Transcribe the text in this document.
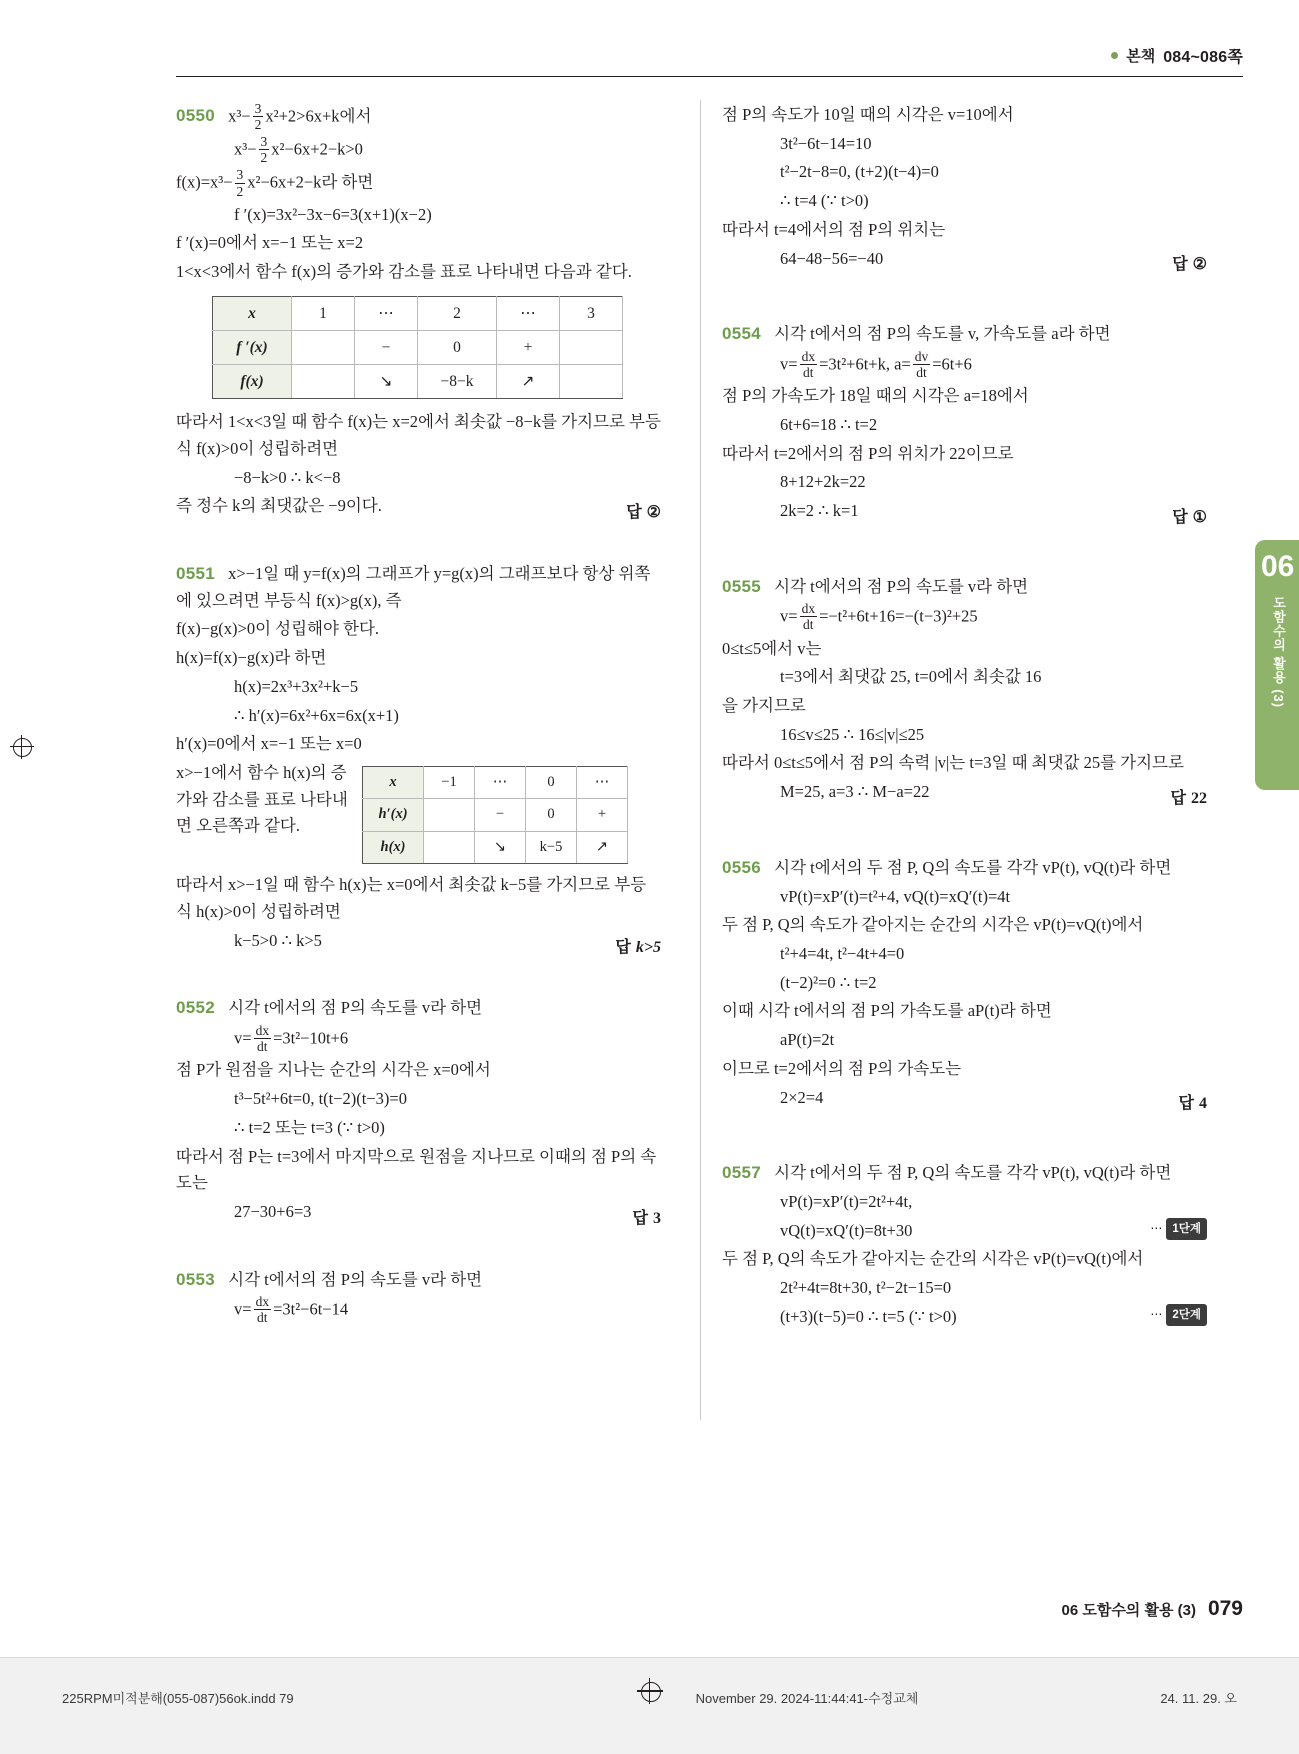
본책 084~086쪽
0550 $x^3- \frac{3}{2} x^2+2>6x+k$에서
$x^3- \frac{3}{2} x^2-6x+2-k>0$
$f(x)=x^3- \frac{3}{2} x^2-6x+2-k$라 하면
f ′(x)=3x²−3x−6=3(x+1)(x−2)
f ′(x)=0에서 x=−1 또는 x=2
1<x<3에서 함수 f(x)의 증가와 감소를 표로 나타내면 다음과 같다.
x	1	⋯	2	⋯	3
f ′(x)		−	0	+	
f(x)		↘	−8−k	↗	
따라서 1<x<3일 때 함수 f(x)는 x=2에서 최솟값 −8−k를 가지므로 부등식 f(x)>0이 성립하려면
−8−k>0 ∴ k<−8
즉 정수 k의 최댓값은 −9이다.	답 ②
0551 x>−1일 때 y=f(x)의 그래프가 y=g(x)의 그래프보다 항상 위쪽에 있으려면 부등식 f(x)>g(x), 즉
f(x)−g(x)>0이 성립해야 한다.
h(x)=f(x)−g(x)라 하면
h(x)=2x³+3x²+k−5
∴ h′(x)=6x²+6x=6x(x+1)
h′(x)=0에서 x=−1 또는 x=0
x>−1에서 함수 h(x)의 증가와 감소를 표로 나타내면 오른쪽과 같다.
x	−1	⋯	0	⋯
h′(x)		−	0	+
h(x)		↘	k−5	↗
따라서 x>−1일 때 함수 h(x)는 x=0에서 최솟값 k−5를 가지므로 부등식 h(x)>0이 성립하려면
k−5>0 ∴ k>5	답 k>5
0552 시각 t에서의 점 P의 속도를 v라 하면
$v= \frac{dx}{dt} =3t^2-10t+6$
점 P가 원점을 지나는 순간의 시각은 x=0에서
t³−5t²+6t=0, t(t−2)(t−3)=0
∴ t=2 또는 t=3 (∵ t>0)
따라서 점 P는 t=3에서 마지막으로 원점을 지나므로 이때의 점 P의 속도는
27−30+6=3	답 3
0553 시각 t에서의 점 P의 속도를 v라 하면
$v= \frac{dx}{dt} =3t^2-6t-14$
점 P의 속도가 10일 때의 시각은 v=10에서
3t²−6t−14=10
t²−2t−8=0, (t+2)(t−4)=0
∴ t=4 (∵ t>0)
따라서 t=4에서의 점 P의 위치는
64−48−56=−40	답 ②
0554 시각 t에서의 점 P의 속도를 v, 가속도를 a라 하면
$v= \frac{dx}{dt} =3t^2+6t+k$, $a= \frac{dv}{dt} =6t+6$
점 P의 가속도가 18일 때의 시각은 a=18에서
6t+6=18 ∴ t=2
따라서 t=2에서의 점 P의 위치가 22이므로
8+12+2k=22
2k=2 ∴ k=1	답 ①
0555 시각 t에서의 점 P의 속도를 v라 하면
$v= \frac{dx}{dt} =-t^2+6t+16=-(t-3)^2+25$
0≤t≤5에서 v는
t=3에서 최댓값 25, t=0에서 최솟값 16
을 가지므로
16≤v≤25 ∴ 16≤|v|≤25
따라서 0≤t≤5에서 점 P의 속력 |v|는 t=3일 때 최댓값 25를 가지므로
M=25, a=3 ∴ M−a=22	답 22
0556 시각 t에서의 두 점 P, Q의 속도를 각각 vP(t), vQ(t)라 하면
vP(t)=xP′(t)=t²+4, vQ(t)=xQ′(t)=4t
두 점 P, Q의 속도가 같아지는 순간의 시각은 vP(t)=vQ(t)에서
t²+4=4t, t²−4t+4=0
(t−2)²=0 ∴ t=2
이때 시각 t에서의 점 P의 가속도를 aP(t)라 하면
aP(t)=2t
이므로 t=2에서의 점 P의 가속도는
2×2=4	답 4
0557 시각 t에서의 두 점 P, Q의 속도를 각각 vP(t), vQ(t)라 하면
vP(t)=xP′(t)=2t²+4t,
vQ(t)=xQ′(t)=8t+30	⋯ 1단계
두 점 P, Q의 속도가 같아지는 순간의 시각은 vP(t)=vQ(t)에서
2t²+4t=8t+30, t²−2t−15=0
(t+3)(t−5)=0 ∴ t=5 (∵ t>0)	⋯ 2단계
06
도함수의 활용 (3)
06 도함수의 활용 (3) 079
225RPM미적분해(055-087)56ok.indd 79	November 29. 2024-11:44:41-수정교체	24. 11. 29. 오
